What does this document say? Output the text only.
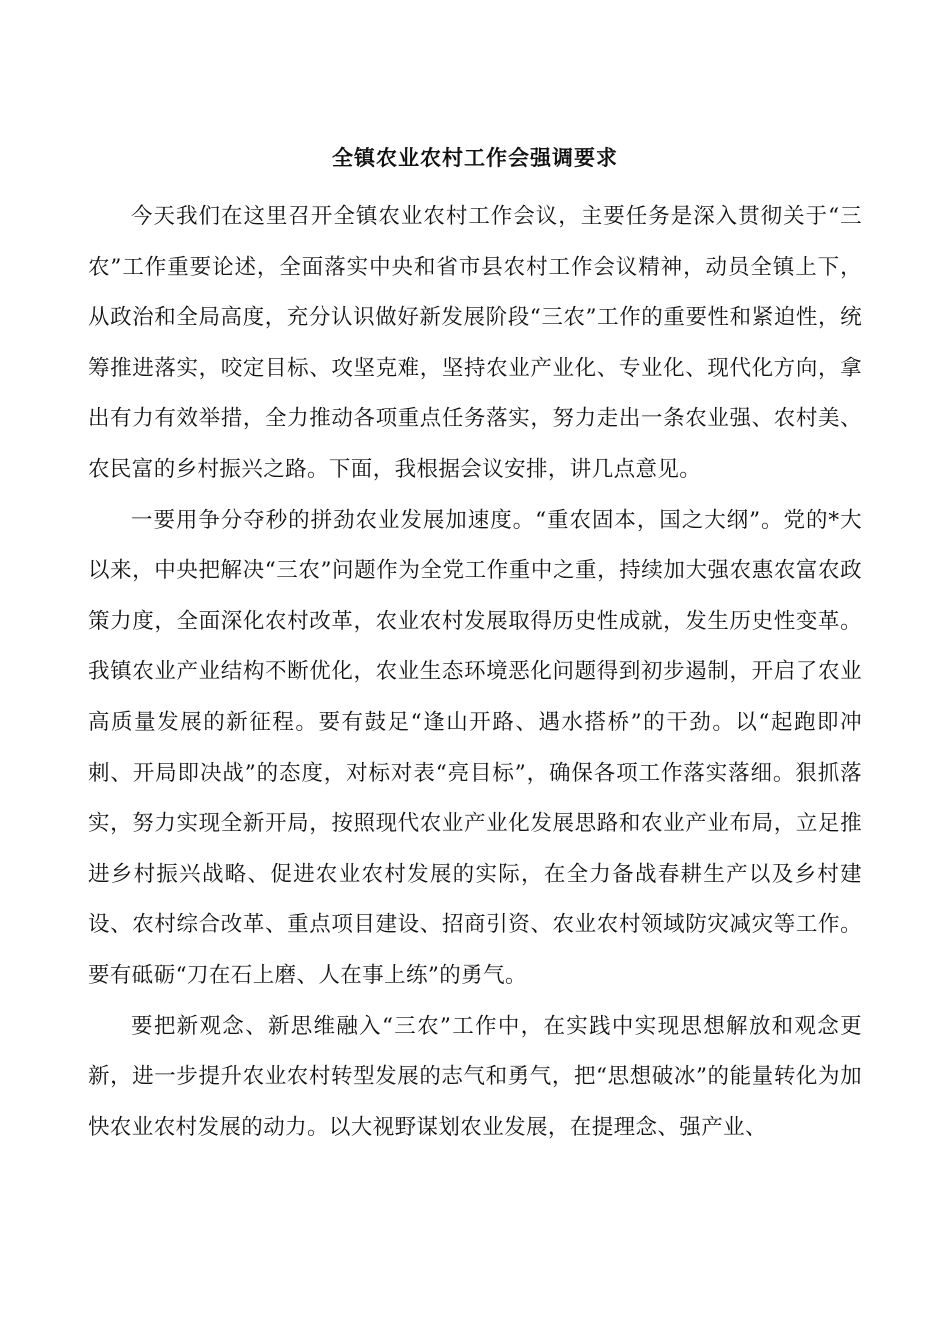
全镇农业农村工作会强调要求

今天我们在这里召开全镇农业农村工作会议，主要任务是深入贯彻关于“三农”工作重要论述，全面落实中央和省市县农村工作会议精神，动员全镇上下，从政治和全局高度，充分认识做好新发展阶段“三农”工作的重要性和紧迫性，统筹推进落实，咬定目标、攻坚克难，坚持农业产业化、专业化、现代化方向，拿出有力有效举措，全力推动各项重点任务落实，努力走出一条农业强、农村美、农民富的乡村振兴之路。下面，我根据会议安排，讲几点意见。

一要用争分夺秒的拼劲农业发展加速度。“重农固本，国之大纲”。党的*大以来，中央把解决“三农”问题作为全党工作重中之重，持续加大强农惠农富农政策力度，全面深化农村改革，农业农村发展取得历史性成就，发生历史性变革。我镇农业产业结构不断优化，农业生态环境恶化问题得到初步遏制，开启了农业高质量发展的新征程。要有鼓足“逢山开路、遇水搭桥”的干劲。以“起跑即冲刺、开局即决战”的态度，对标对表“亮目标”，确保各项工作落实落细。狠抓落实，努力实现全新开局，按照现代农业产业化发展思路和农业产业布局，立足推进乡村振兴战略、促进农业农村发展的实际，在全力备战春耕生产以及乡村建设、农村综合改革、重点项目建设、招商引资、农业农村领域防灾减灾等工作。要有砥砺“刀在石上磨、人在事上练”的勇气。

要把新观念、新思维融入“三农”工作中，在实践中实现思想解放和观念更新，进一步提升农业农村转型发展的志气和勇气，把“思想破冰”的能量转化为加快农业农村发展的动力。以大视野谋划农业发展，在提理念、强产业、
